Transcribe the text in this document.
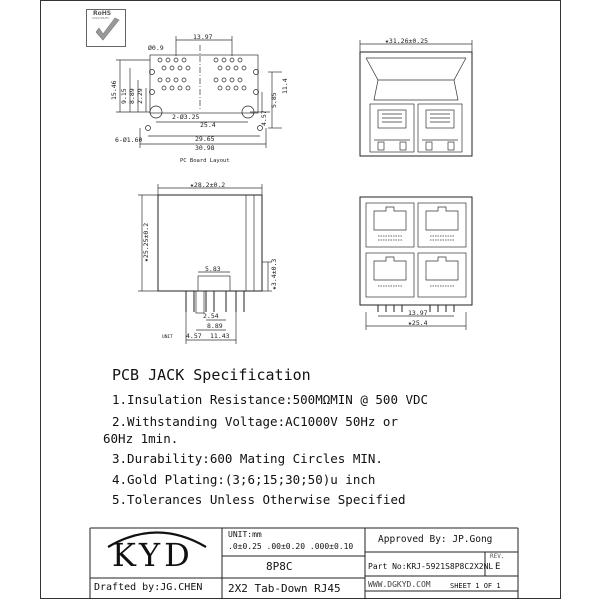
RoHS
2002/95/EC
13.97
Ø0.9
15.46 9.15 8.89 2.29
2-Ø3.25
25.4
6-Ø1.60	29.65
30.98
5.85
4.57
11.4
PC Board Layout
★31.26±0.25
★28.2±0.2
★25.25±0.2
5.83	★3.4±0.3
2.54
8.89
4.57 11.43
UNIT
13.97
★25.4
PCB JACK Specification
1.Insulation Resistance:500MΩMIN @ 500 VDC
2.Withstanding Voltage:AC1000V 50Hz or
60Hz 1min.
3.Durability:600 Mating Circles MIN.
4.Gold Plating:(3;6;15;30;50)u inch
5.Tolerances Unless Otherwise Specified
KYD
Drafted by:JG.CHEN
UNIT:mm
.0±0.25 .00±0.20 .000±0.10
8P8C
2X2 Tab-Down RJ45
Approved By: JP.Gong
REV.
E
Part No:KRJ-5921S8P8C2X2NL
WWW.DGKYD.COM	SHEET 1 OF 1
